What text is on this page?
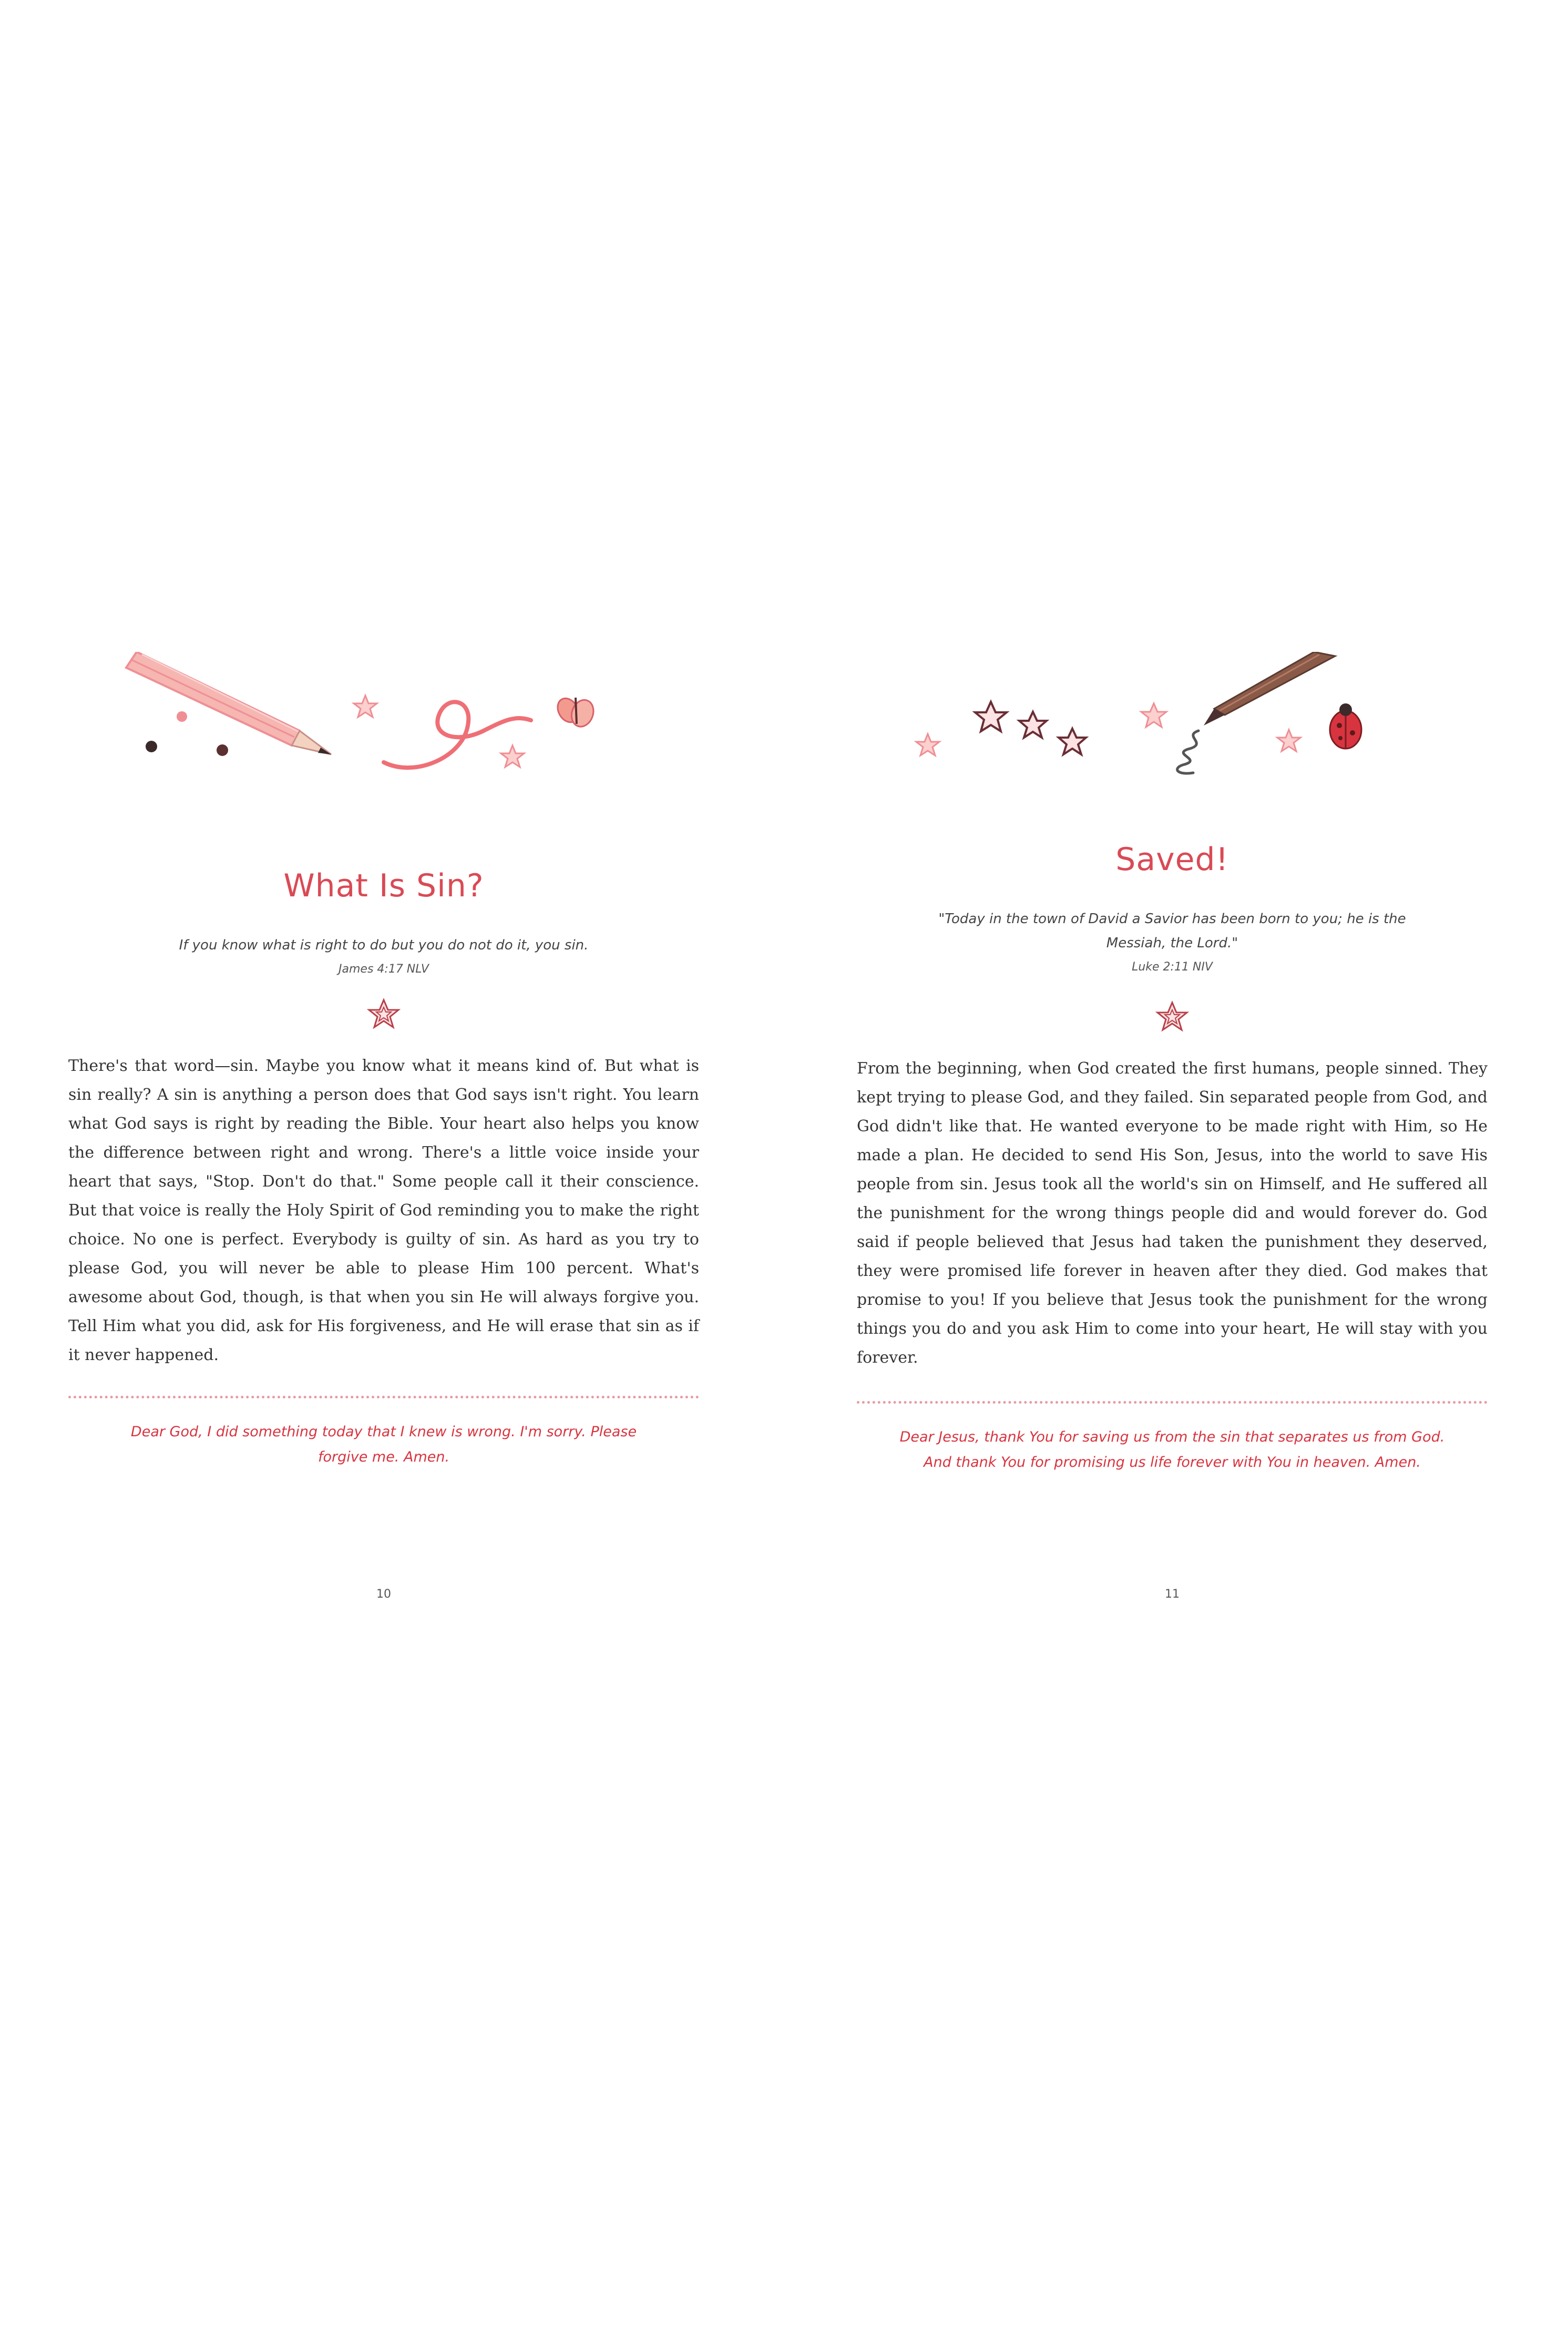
What Is Sin?
If you know what is right to do but you do not do it, you sin.
James 4:17 NLV
There's that word—sin. Maybe you know what it means kind of. But what is sin really? A sin is anything a person does that God says isn't right. You learn what God says is right by reading the Bible. Your heart also helps you know the difference between right and wrong. There's a little voice inside your heart that says, "Stop. Don't do that." Some people call it their conscience. But that voice is really the Holy Spirit of God reminding you to make the right choice. No one is perfect. Everybody is guilty of sin. As hard as you try to please God, you will never be able to please Him 100 percent. What's awesome about God, though, is that when you sin He will always forgive you. Tell Him what you did, ask for His forgiveness, and He will erase that sin as if it never happened.
Dear God, I did something today that I knew is wrong. I'm sorry. Please forgive me. Amen.
10
Saved!
"Today in the town of David a Savior has been born to you; he is the Messiah, the Lord."
Luke 2:11 NIV
From the beginning, when God created the first humans, people sinned. They kept trying to please God, and they failed. Sin separated people from God, and God didn't like that. He wanted everyone to be made right with Him, so He made a plan. He decided to send His Son, Jesus, into the world to save His people from sin. Jesus took all the world's sin on Himself, and He suffered all the punishment for the wrong things people did and would forever do. God said if people believed that Jesus had taken the punishment they deserved, they were promised life forever in heaven after they died. God makes that promise to you! If you believe that Jesus took the punishment for the wrong things you do and you ask Him to come into your heart, He will stay with you forever.
Dear Jesus, thank You for saving us from the sin that separates us from God. And thank You for promising us life forever with You in heaven. Amen.
11
